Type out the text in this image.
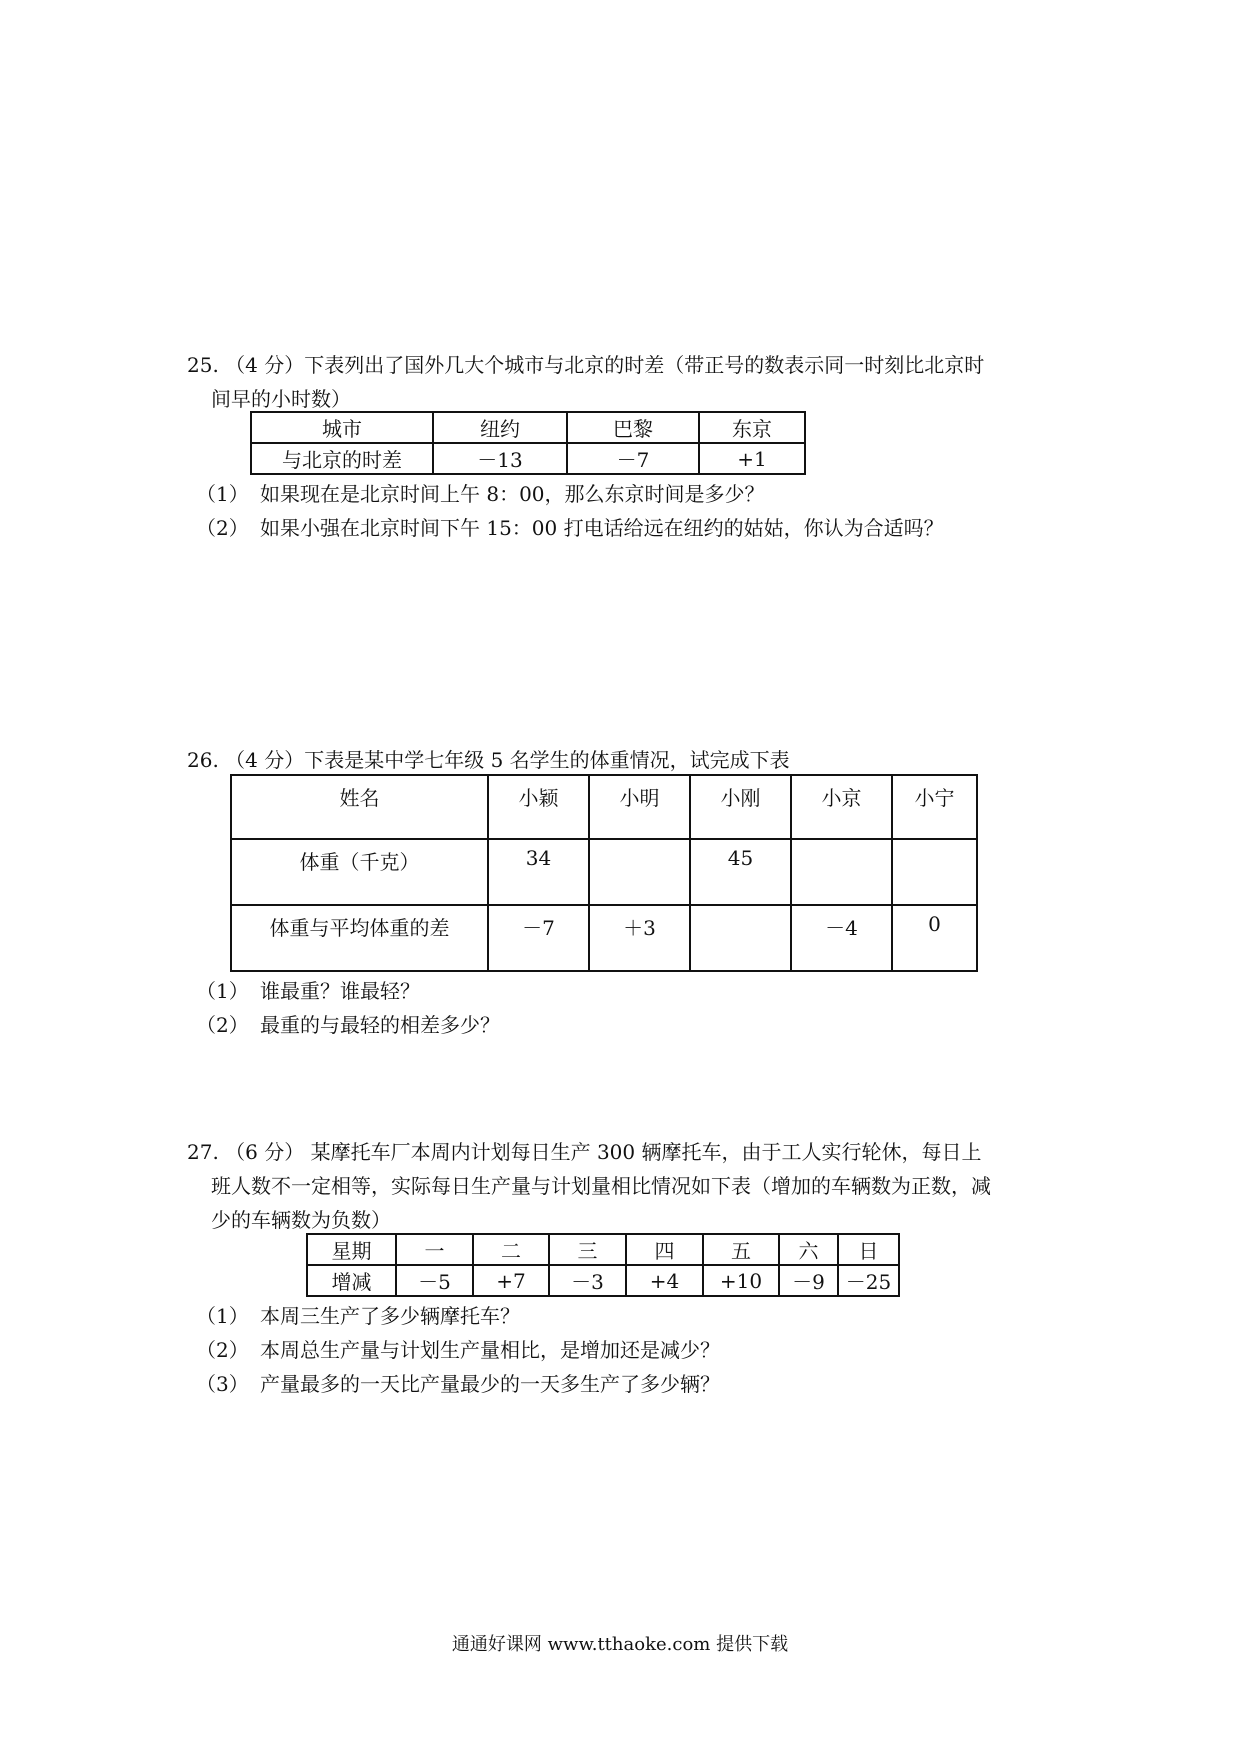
25. （4 分）下表列出了国外几大个城市与北京的时差（带正号的数表示同一时刻比北京时
间早的小时数）
城市	纽约	巴黎	东京
与北京的时差	－13	－7	+1
（1） 如果现在是北京时间上午 8：00，那么东京时间是多少？
（2） 如果小强在北京时间下午 15：00 打电话给远在纽约的姑姑，你认为合适吗？
26. （4 分）下表是某中学七年级 5 名学生的体重情况，试完成下表
姓名	小颖	小明	小刚	小京	小宁
体重（千克）	34		45		
体重与平均体重的差	－7	＋3		－4	0
（1） 谁最重？谁最轻？
（2） 最重的与最轻的相差多少？
27. （6 分） 某摩托车厂本周内计划每日生产 300 辆摩托车，由于工人实行轮休，每日上
班人数不一定相等，实际每日生产量与计划量相比情况如下表（增加的车辆数为正数，减
少的车辆数为负数）
星期	一	二	三	四	五	六	日
增减	－5	+7	－3	+4	+10	－9	－25
（1） 本周三生产了多少辆摩托车？
（2） 本周总生产量与计划生产量相比，是增加还是减少？
（3） 产量最多的一天比产量最少的一天多生产了多少辆？
通通好课网 www.tthaoke.com 提供下载
